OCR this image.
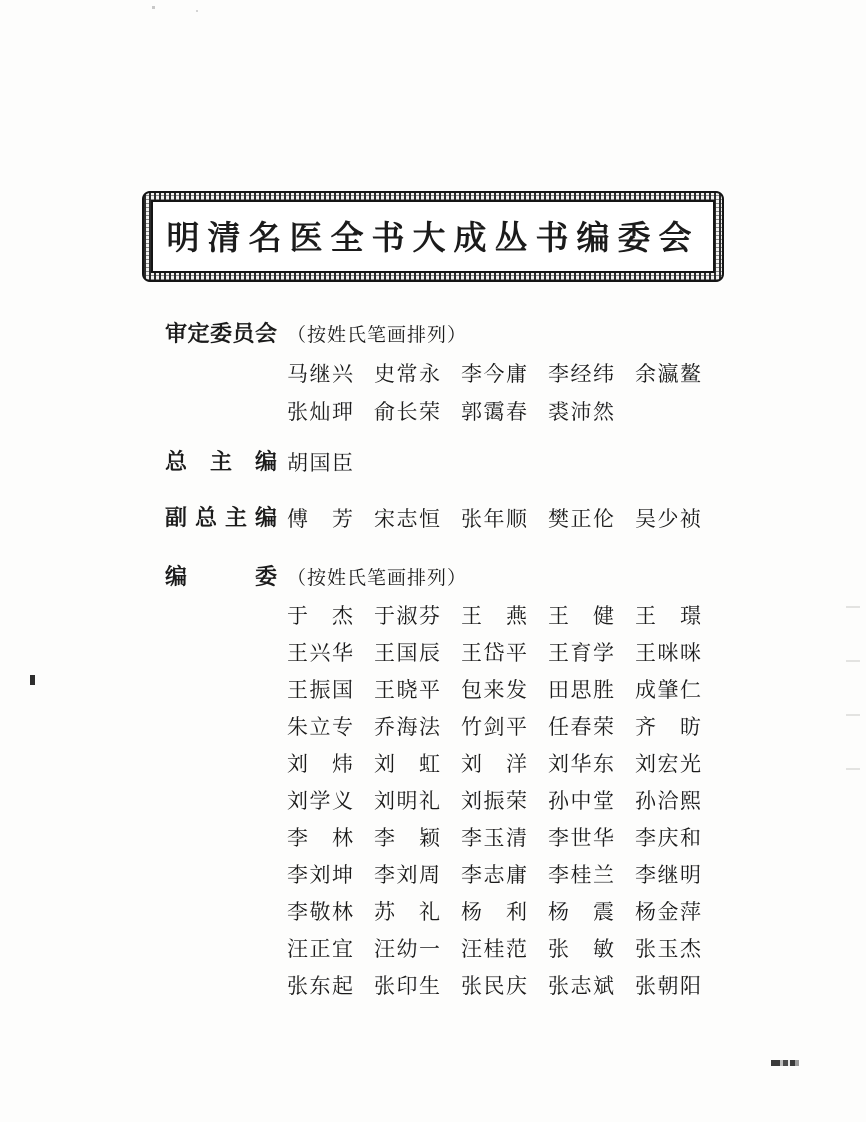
明清名医全书大成丛书编委会
审定委员会 （按姓氏笔画排列）
马继兴 史常永 李今庸 李经纬 余瀛鳌
张灿玾 俞长荣 郭霭春 裘沛然
总主编 胡国臣
副总主编 傅芳 宋志恒 张年顺 樊正伦 吴少祯
编委 （按姓氏笔画排列）
于杰 于淑芬 王燕 王健 王璟
王兴华 王国辰 王岱平 王育学 王咪咪
王振国 王晓平 包来发 田思胜 成肇仁
朱立专 乔海法 竹剑平 任春荣 齐昉
刘炜 刘虹 刘洋 刘华东 刘宏光
刘学义 刘明礼 刘振荣 孙中堂 孙洽熙
李林 李颖 李玉清 李世华 李庆和
李刘坤 李刘周 李志庸 李桂兰 李继明
李敬林 苏礼 杨利 杨震 杨金萍
汪正宜 汪幼一 汪桂范 张敏 张玉杰
张东起 张印生 张民庆 张志斌 张朝阳
